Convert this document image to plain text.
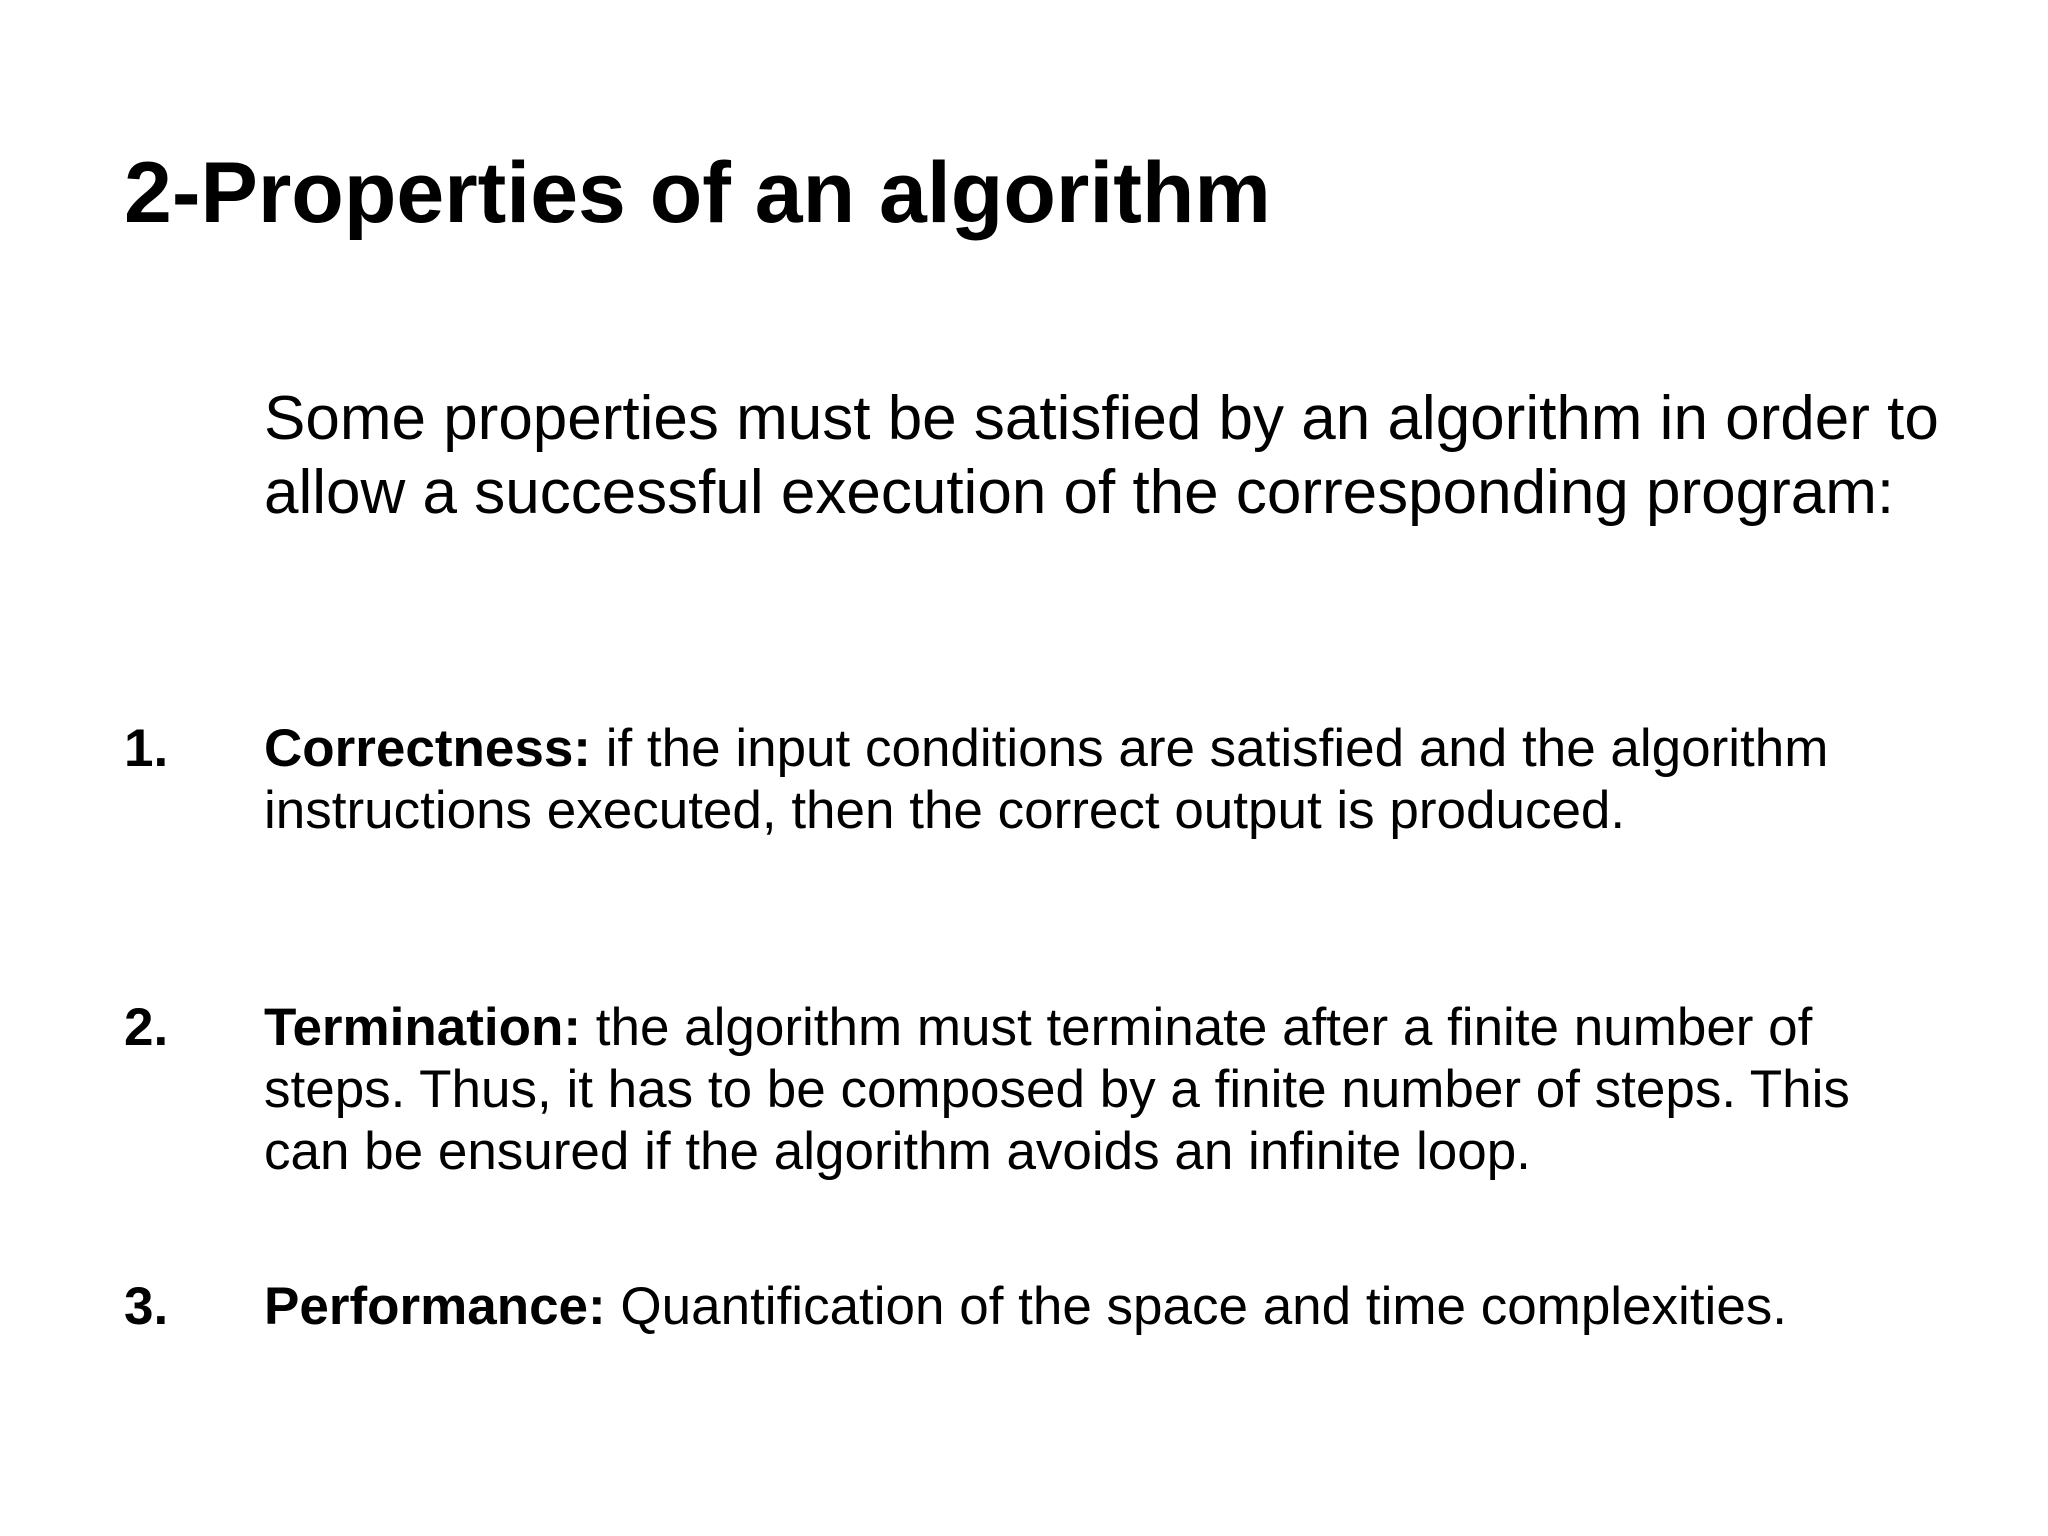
2-Properties of an algorithm

Some properties must be satisfied by an algorithm in order to allow a successful execution of the corresponding program:

1. Correctness: if the input conditions are satisfied and the algorithm instructions executed, then the correct output is produced.
2. Termination: the algorithm must terminate after a finite number of steps. Thus, it has to be composed by a finite number of steps. This can be ensured if the algorithm avoids an infinite loop.
3. Performance: Quantification of the space and time complexities.
